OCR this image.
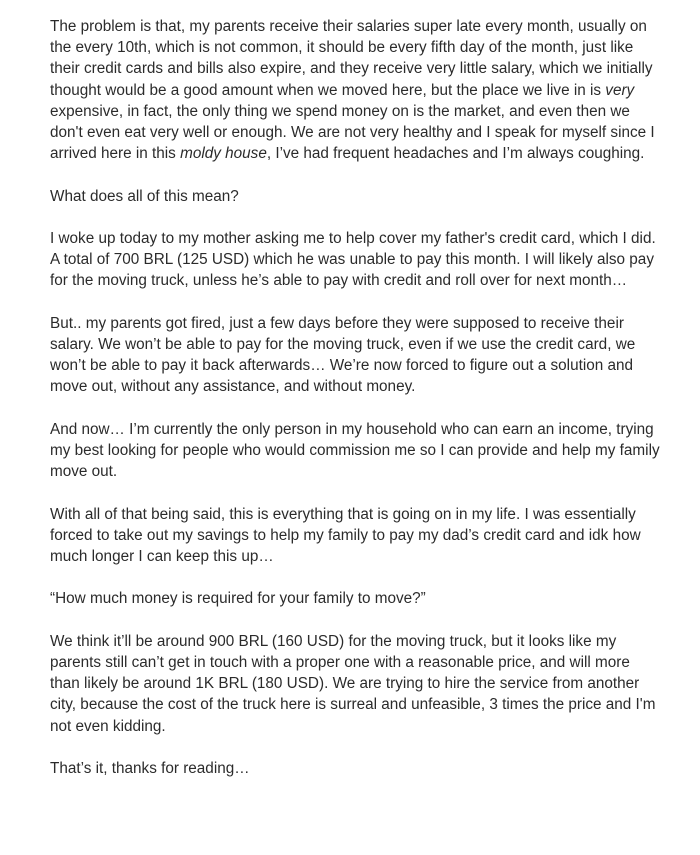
The problem is that, my parents receive their salaries super late every month, usually on the every 10th, which is not common, it should be every fifth day of the month, just like their credit cards and bills also expire, and they receive very little salary, which we initially thought would be a good amount when we moved here, but the place we live in is very expensive, in fact, the only thing we spend money on is the market, and even then we don't even eat very well or enough. We are not very healthy and I speak for myself since I arrived here in this moldy house, I’ve had frequent headaches and I’m always coughing.

What does all of this mean?

I woke up today to my mother asking me to help cover my father's credit card, which I did. A total of 700 BRL (125 USD) which he was unable to pay this month. I will likely also pay for the moving truck, unless he’s able to pay with credit and roll over for next month…

But.. my parents got fired, just a few days before they were supposed to receive their salary. We won’t be able to pay for the moving truck, even if we use the credit card, we won’t be able to pay it back afterwards… We’re now forced to figure out a solution and move out, without any assistance, and without money.

And now… I’m currently the only person in my household who can earn an income, trying my best looking for people who would commission me so I can provide and help my family move out.

With all of that being said, this is everything that is going on in my life. I was essentially forced to take out my savings to help my family to pay my dad’s credit card and idk how much longer I can keep this up…

“How much money is required for your family to move?”

We think it’ll be around 900 BRL (160 USD) for the moving truck, but it looks like my parents still can’t get in touch with a proper one with a reasonable price, and will more than likely be around 1K BRL (180 USD). We are trying to hire the service from another city, because the cost of the truck here is surreal and unfeasible, 3 times the price and I'm not even kidding.

That’s it, thanks for reading…
